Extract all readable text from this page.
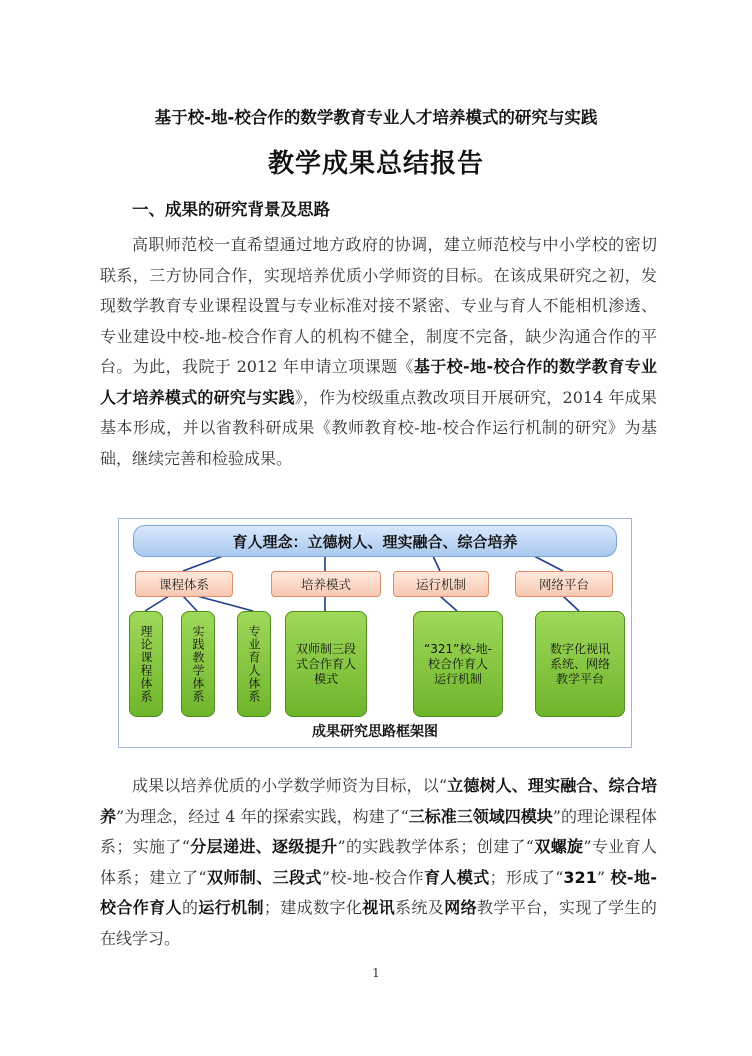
基于校-地-校合作的数学教育专业人才培养模式的研究与实践
教学成果总结报告
一、成果的研究背景及思路
高职师范校一直希望通过地方政府的协调，建立师范校与中小学校的密切联系，三方协同合作，实现培养优质小学师资的目标。在该成果研究之初，发现数学教育专业课程设置与专业标准对接不紧密、专业与育人不能相机渗透、专业建设中校-地-校合作育人的机构不健全，制度不完备，缺少沟通合作的平台。为此，我院于 2012 年申请立项课题《基于校-地-校合作的数学教育专业人才培养模式的研究与实践》，作为校级重点教改项目开展研究，2014 年成果基本形成，并以省教科研成果《教师教育校-地-校合作运行机制的研究》为基础，继续完善和检验成果。
育人理念：立德树人、理实融合、综合培养
课程体系	培养模式	运行机制	网络平台
理论课程体系	实践教学体系	专业育人体系	双师制三段式合作育人模式
“321”校-地-校合作育人运行机制
数字化视讯系统、网络教学平台
成果研究思路框架图
成果以培养优质的小学数学师资为目标，以“立德树人、理实融合、综合培养”为理念，经过 4 年的探索实践，构建了“三标准三领域四模块”的理论课程体系；实施了“分层递进、逐级提升”的实践教学体系；创建了“双螺旋”专业育人体系；建立了“双师制、三段式”校-地-校合作育人模式；形成了“321” 校-地-校合作育人的运行机制；建成数字化视讯系统及网络教学平台，实现了学生的在线学习。
1
